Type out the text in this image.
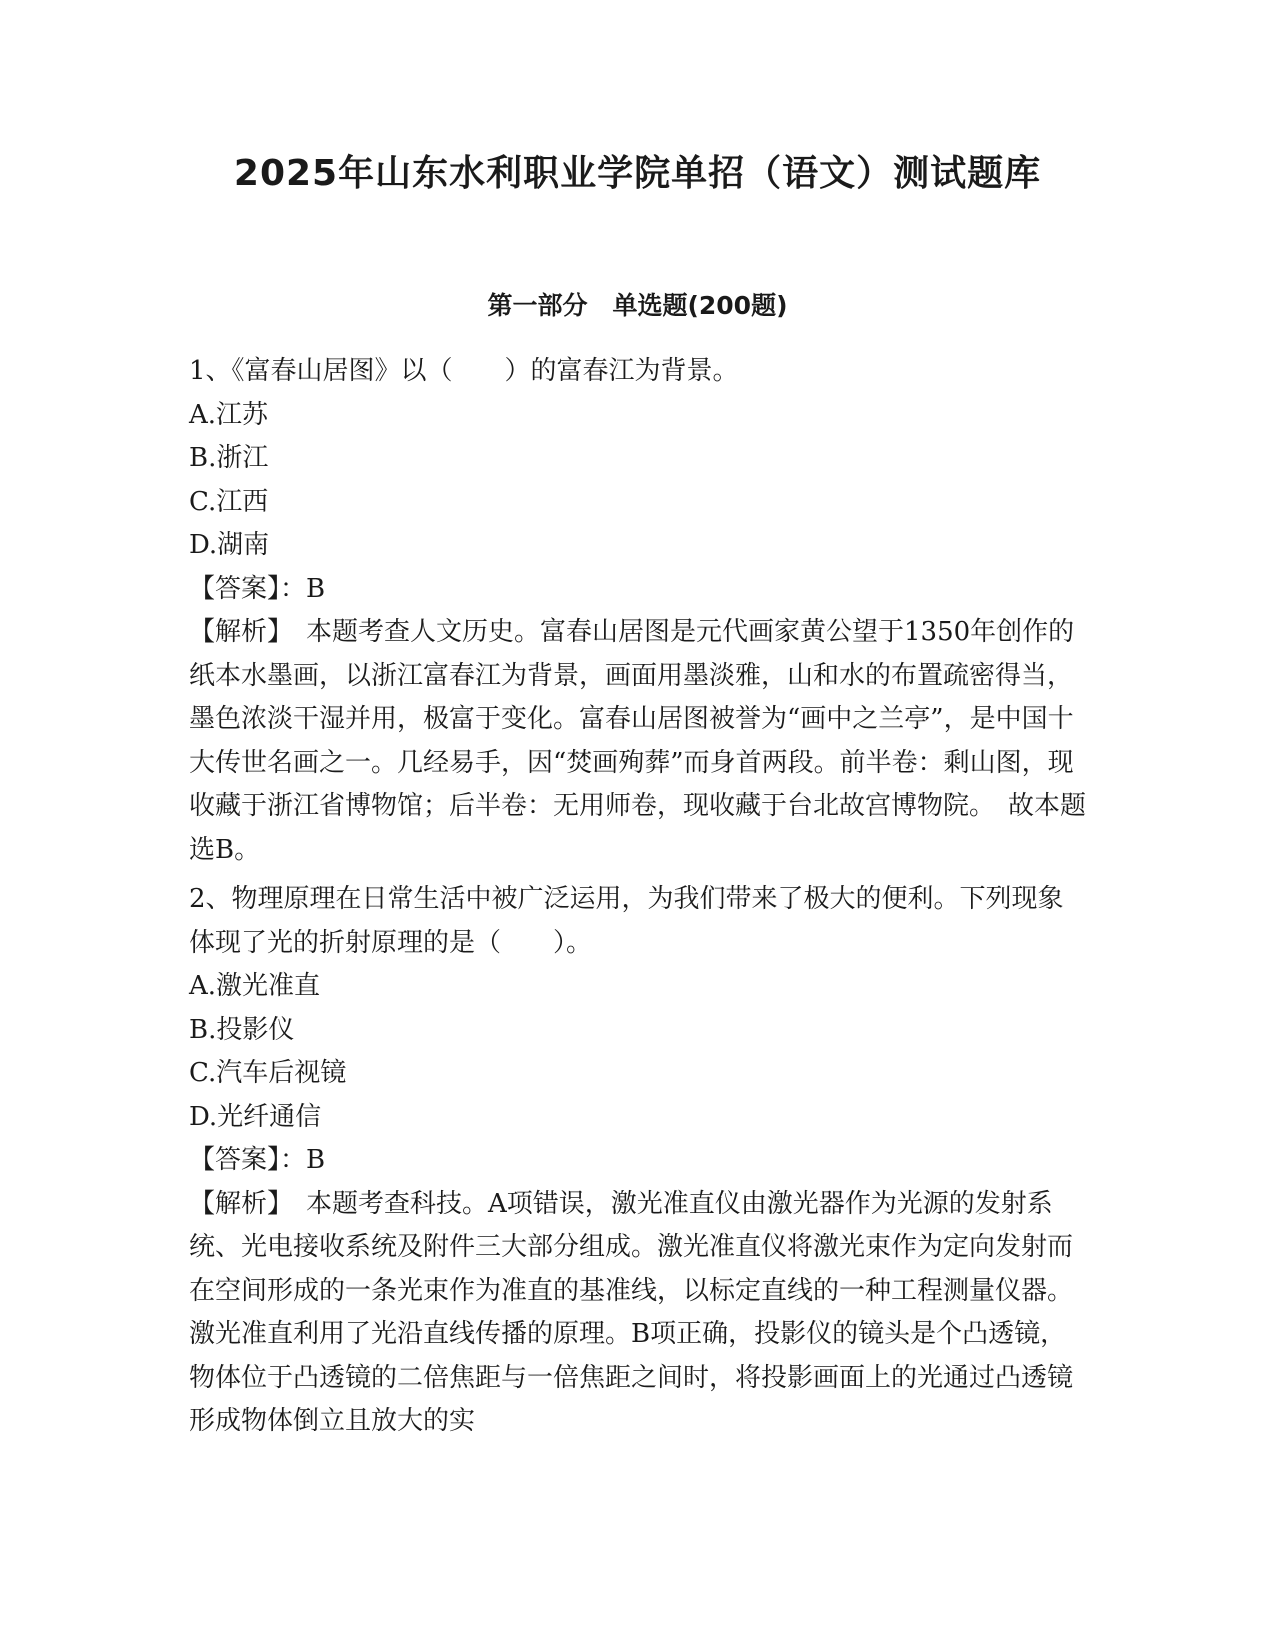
2025年山东水利职业学院单招（语文）测试题库
第一部分　单选题(200题)

1、《富春山居图》以（　　）的富春江为背景。

A.江苏

B.浙江

C.江西

D.湖南

【答案】：B

【解析】　本题考查人文历史。富春山居图是元代画家黄公望于1350年创作的纸本水墨画，以浙江富春江为背景，画面用墨淡雅，山和水的布置疏密得当，墨色浓淡干湿并用，极富于变化。富春山居图被誉为“画中之兰亭”，是中国十大传世名画之一。几经易手，因“焚画殉葬”而身首两段。前半卷：剩山图，现收藏于浙江省博物馆；后半卷：无用师卷，现收藏于台北故宫博物院。　故本题选B。

2、物理原理在日常生活中被广泛运用，为我们带来了极大的便利。下列现象体现了光的折射原理的是（　　）。

A.激光准直

B.投影仪

C.汽车后视镜

D.光纤通信

【答案】：B

【解析】　本题考查科技。A项错误，激光准直仪由激光器作为光源的发射系统、光电接收系统及附件三大部分组成。激光准直仪将激光束作为定向发射而在空间形成的一条光束作为准直的基准线，以标定直线的一种工程测量仪器。激光准直利用了光沿直线传播的原理。B项正确，投影仪的镜头是个凸透镜，物体位于凸透镜的二倍焦距与一倍焦距之间时，将投影画面上的光通过凸透镜形成物体倒立且放大的实
